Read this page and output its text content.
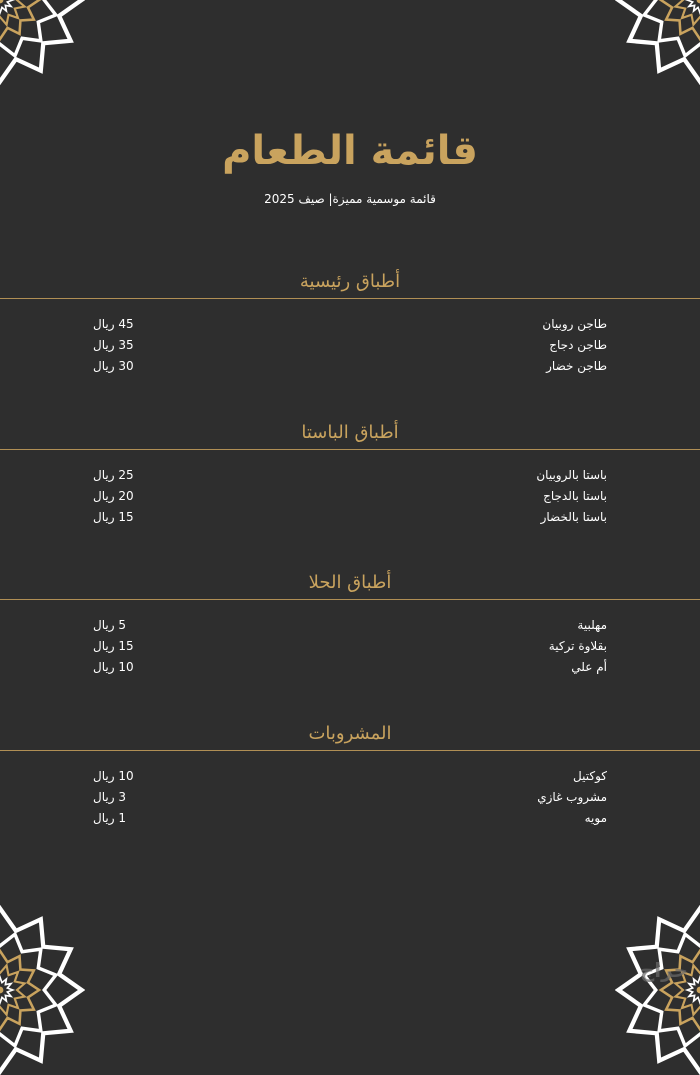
قائمة الطعام
قائمة موسمية مميزة| صيف 2025
أطباق رئيسية
طاجن روبيان
45 ريال
طاجن دجاج
35 ريال
طاجن خضار
30 ريال
أطباق الباستا
باستا بالروبيان
25 ريال
باستا بالدجاج
20 ريال
باستا بالخضار
15 ريال
أطباق الحلا
مهلبية
5 ريال
بقلاوة تركية
15 ريال
أم علي
10 ريال
المشروبات
كوكتيل
10 ريال
مشروب غازي
3 ريال
مويه
1 ريال
حراج
